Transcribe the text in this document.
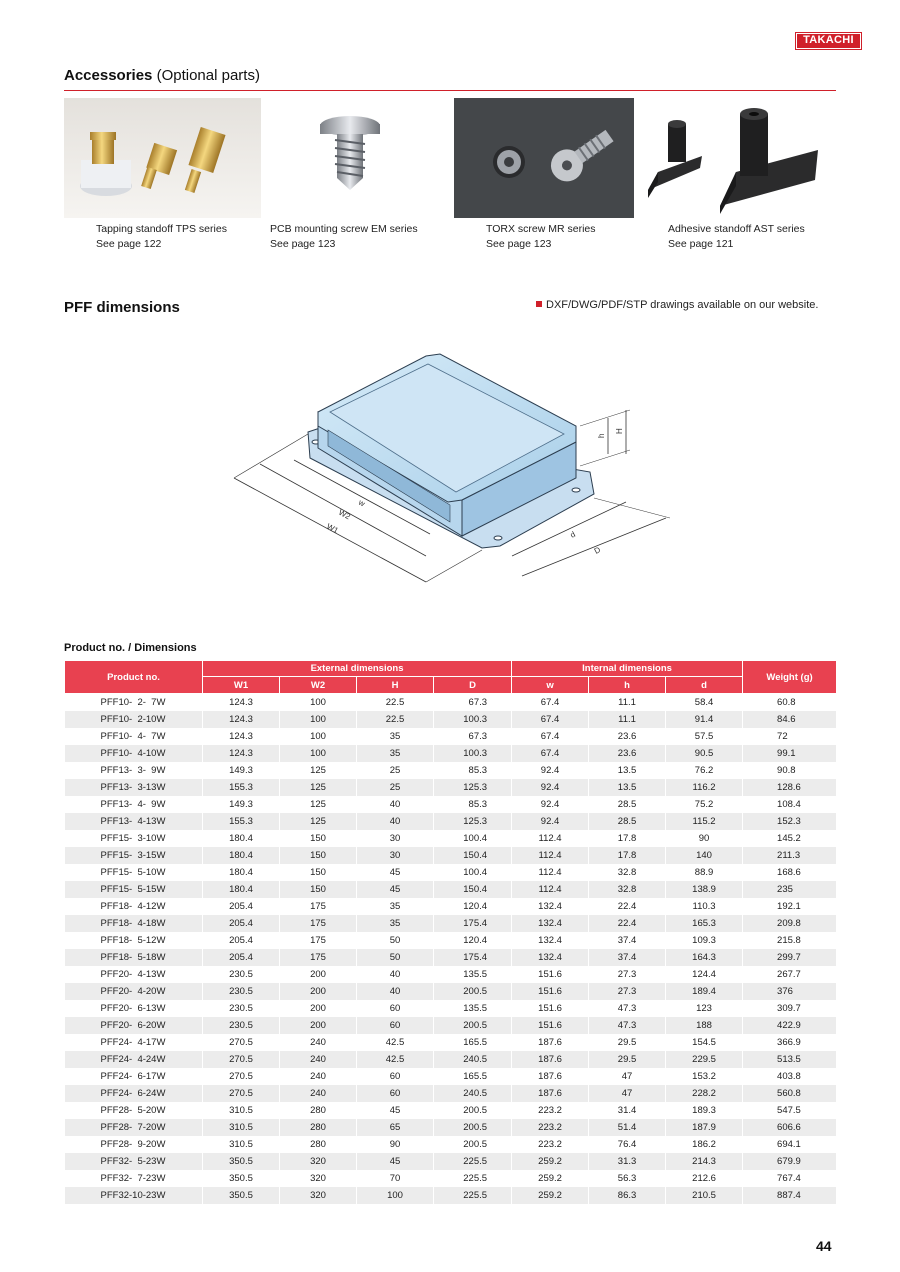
TAKACHI
Accessories (Optional parts)
Tapping standoff TPS series
See page 122
PCB mounting screw EM series
See page 123
TORX screw MR series
See page 123
Adhesive standoff AST series
See page 121
PFF dimensions	DXF/DWG/PDF/STP drawings available on our website.
W1
W2
w
d
D
h
H
Product no. / Dimensions
Product no.	External dimensions				Internal dimensions			Weight (g)
	W1	W2	H	D	w	h	d	
PFF10-  2-  7W	124.3	100	22.5	67.3	67.4	11.1	58.4	60.8
PFF10-  2-10W	124.3	100	22.5	100.3	67.4	11.1	91.4	84.6
PFF10-  4-  7W	124.3	100	35	67.3	67.4	23.6	57.5	72
PFF10-  4-10W	124.3	100	35	100.3	67.4	23.6	90.5	99.1
PFF13-  3-  9W	149.3	125	25	85.3	92.4	13.5	76.2	90.8
PFF13-  3-13W	155.3	125	25	125.3	92.4	13.5	116.2	128.6
PFF13-  4-  9W	149.3	125	40	85.3	92.4	28.5	75.2	108.4
PFF13-  4-13W	155.3	125	40	125.3	92.4	28.5	115.2	152.3
PFF15-  3-10W	180.4	150	30	100.4	112.4	17.8	90	145.2
PFF15-  3-15W	180.4	150	30	150.4	112.4	17.8	140	211.3
PFF15-  5-10W	180.4	150	45	100.4	112.4	32.8	88.9	168.6
PFF15-  5-15W	180.4	150	45	150.4	112.4	32.8	138.9	235
PFF18-  4-12W	205.4	175	35	120.4	132.4	22.4	110.3	192.1
PFF18-  4-18W	205.4	175	35	175.4	132.4	22.4	165.3	209.8
PFF18-  5-12W	205.4	175	50	120.4	132.4	37.4	109.3	215.8
PFF18-  5-18W	205.4	175	50	175.4	132.4	37.4	164.3	299.7
PFF20-  4-13W	230.5	200	40	135.5	151.6	27.3	124.4	267.7
PFF20-  4-20W	230.5	200	40	200.5	151.6	27.3	189.4	376
PFF20-  6-13W	230.5	200	60	135.5	151.6	47.3	123	309.7
PFF20-  6-20W	230.5	200	60	200.5	151.6	47.3	188	422.9
PFF24-  4-17W	270.5	240	42.5	165.5	187.6	29.5	154.5	366.9
PFF24-  4-24W	270.5	240	42.5	240.5	187.6	29.5	229.5	513.5
PFF24-  6-17W	270.5	240	60	165.5	187.6	47	153.2	403.8
PFF24-  6-24W	270.5	240	60	240.5	187.6	47	228.2	560.8
PFF28-  5-20W	310.5	280	45	200.5	223.2	31.4	189.3	547.5
PFF28-  7-20W	310.5	280	65	200.5	223.2	51.4	187.9	606.6
PFF28-  9-20W	310.5	280	90	200.5	223.2	76.4	186.2	694.1
PFF32-  5-23W	350.5	320	45	225.5	259.2	31.3	214.3	679.9
PFF32-  7-23W	350.5	320	70	225.5	259.2	56.3	212.6	767.4
PFF32-10-23W	350.5	320	100	225.5	259.2	86.3	210.5	887.4
44
